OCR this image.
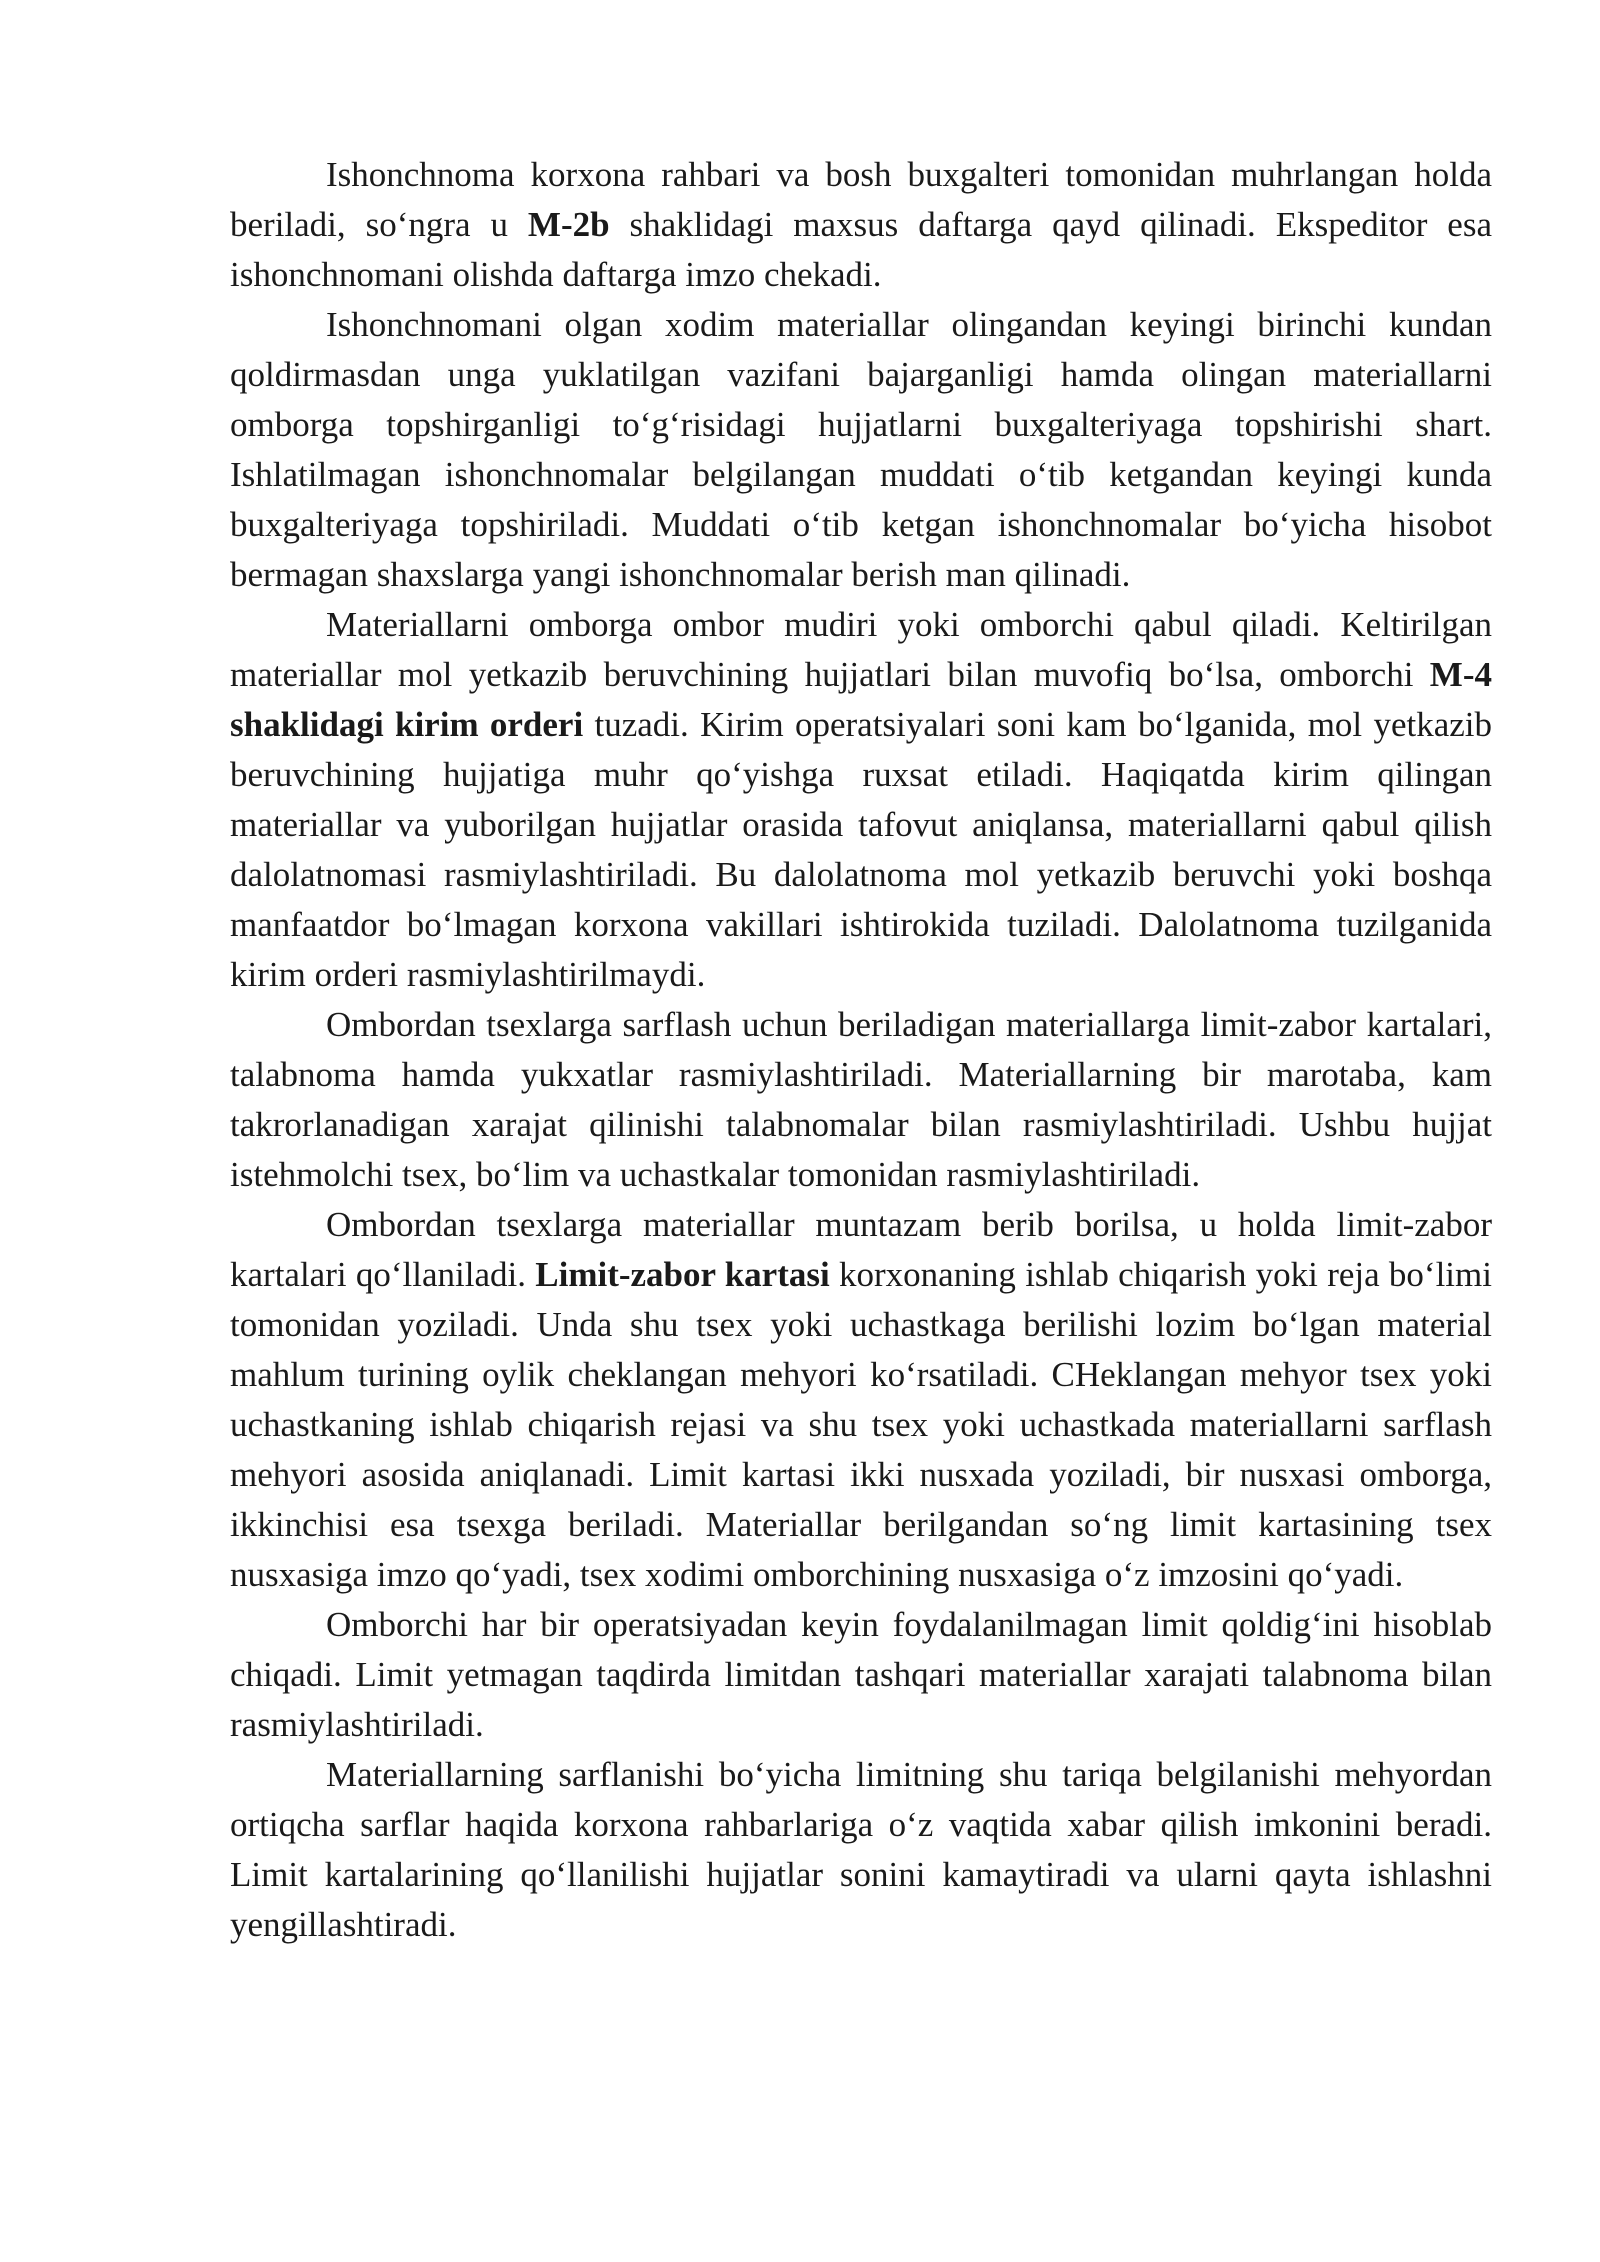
Ishonchnoma korxona rahbari va bosh buxgalteri tomonidan muhrlangan holda beriladi, so‘ngra u M-2b shaklidagi maxsus daftarga qayd qilinadi. Ekspeditor esa ishonchnomani olishda daftarga imzo chekadi.

Ishonchnomani olgan xodim materiallar olingandan keyingi birinchi kundan qoldirmasdan unga yuklatilgan vazifani bajarganligi hamda olingan materiallarni omborga topshirganligi to‘g‘risidagi hujjatlarni buxgalteriyaga topshirishi shart. Ishlatilmagan ishonchnomalar belgilangan muddati o‘tib ketgandan keyingi kunda buxgalteriyaga topshiriladi. Muddati o‘tib ketgan ishonchnomalar bo‘yicha hisobot bermagan shaxslarga yangi ishonchnomalar berish man qilinadi.

Materiallarni omborga ombor mudiri yoki omborchi qabul qiladi. Keltirilgan materiallar mol yetkazib beruvchining hujjatlari bilan muvofiq bo‘lsa, omborchi M-4 shaklidagi kirim orderi tuzadi. Kirim operatsiyalari soni kam bo‘lganida, mol yetkazib beruvchining hujjatiga muhr qo‘yishga ruxsat etiladi. Haqiqatda kirim qilingan materiallar va yuborilgan hujjatlar orasida tafovut aniqlansa, materiallarni qabul qilish dalolatnomasi rasmiylashtiriladi. Bu dalolatnoma mol yetkazib beruvchi yoki boshqa manfaatdor bo‘lmagan korxona vakillari ishtirokida tuziladi. Dalolatnoma tuzilganida kirim orderi rasmiylashtirilmaydi.

Ombordan tsexlarga sarflash uchun beriladigan materiallarga limit-zabor kartalari, talabnoma hamda yukxatlar rasmiylashtiriladi. Materiallarning bir marotaba, kam takrorlanadigan xarajat qilinishi talabnomalar bilan rasmiylashtiriladi. Ushbu hujjat istehmolchi tsex, bo‘lim va uchastkalar tomonidan rasmiylashtiriladi.

Ombordan tsexlarga materiallar muntazam berib borilsa, u holda limit-zabor kartalari qo‘llaniladi. Limit-zabor kartasi korxonaning ishlab chiqarish yoki reja bo‘limi tomonidan yoziladi. Unda shu tsex yoki uchastkaga berilishi lozim bo‘lgan material mahlum turining oylik cheklangan mehyori ko‘rsatiladi. CHeklangan mehyor tsex yoki uchastkaning ishlab chiqarish rejasi va shu tsex yoki uchastkada materiallarni sarflash mehyori asosida aniqlanadi. Limit kartasi ikki nusxada yoziladi, bir nusxasi omborga, ikkinchisi esa tsexga beriladi. Materiallar berilgandan so‘ng limit kartasining tsex nusxasiga imzo qo‘yadi, tsex xodimi omborchining nusxasiga o‘z imzosini qo‘yadi.

Omborchi har bir operatsiyadan keyin foydalanilmagan limit qoldig‘ini hisoblab chiqadi. Limit yetmagan taqdirda limitdan tashqari materiallar xarajati talabnoma bilan rasmiylashtiriladi.

Materiallarning sarflanishi bo‘yicha limitning shu tariqa belgilanishi mehyordan ortiqcha sarflar haqida korxona rahbarlariga o‘z vaqtida xabar qilish imkonini beradi. Limit kartalarining qo‘llanilishi hujjatlar sonini kamaytiradi va ularni qayta ishlashni yengillashtiradi.
